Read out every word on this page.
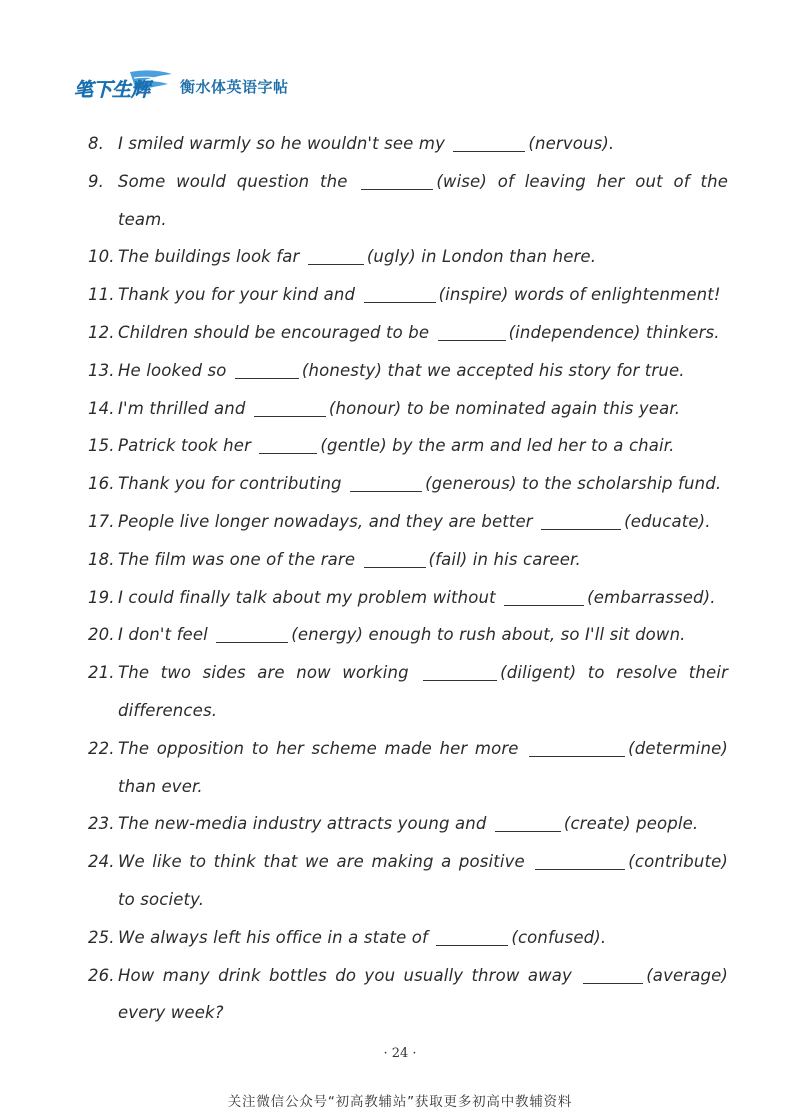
笔下生辉 衡水体英语字帖
8. I smiled warmly so he wouldn't see my	(nervous).
9. Some would question the	(wise) of leaving her out of the team.
10. The buildings look far	(ugly) in London than here.
11. Thank you for your kind and	(inspire) words of enlightenment!
12. Children should be encouraged to be	(independence) thinkers.
13. He looked so	(honesty) that we accepted his story for true.
14. I'm thrilled and	(honour) to be nominated again this year.
15. Patrick took her	(gentle) by the arm and led her to a chair.
16. Thank you for contributing	(generous) to the scholarship fund.
17. People live longer nowadays, and they are better	(educate).
18. The film was one of the rare	(fail) in his career.
19. I could finally talk about my problem without	(embarrassed).
20. I don't feel	(energy) enough to rush about, so I'll sit down.
21. The two sides are now working	(diligent) to resolve their differences.
22. The opposition to her scheme made her more	(determine) than ever.
23. The new-media industry attracts young and	(create) people.
24. We like to think that we are making a positive	(contribute) to society.
25. We always left his office in a state of	(confused).
26. How many drink bottles do you usually throw away	(average) every week?
· 24 ·
关注微信公众号“初高教辅站”获取更多初高中教辅资料
